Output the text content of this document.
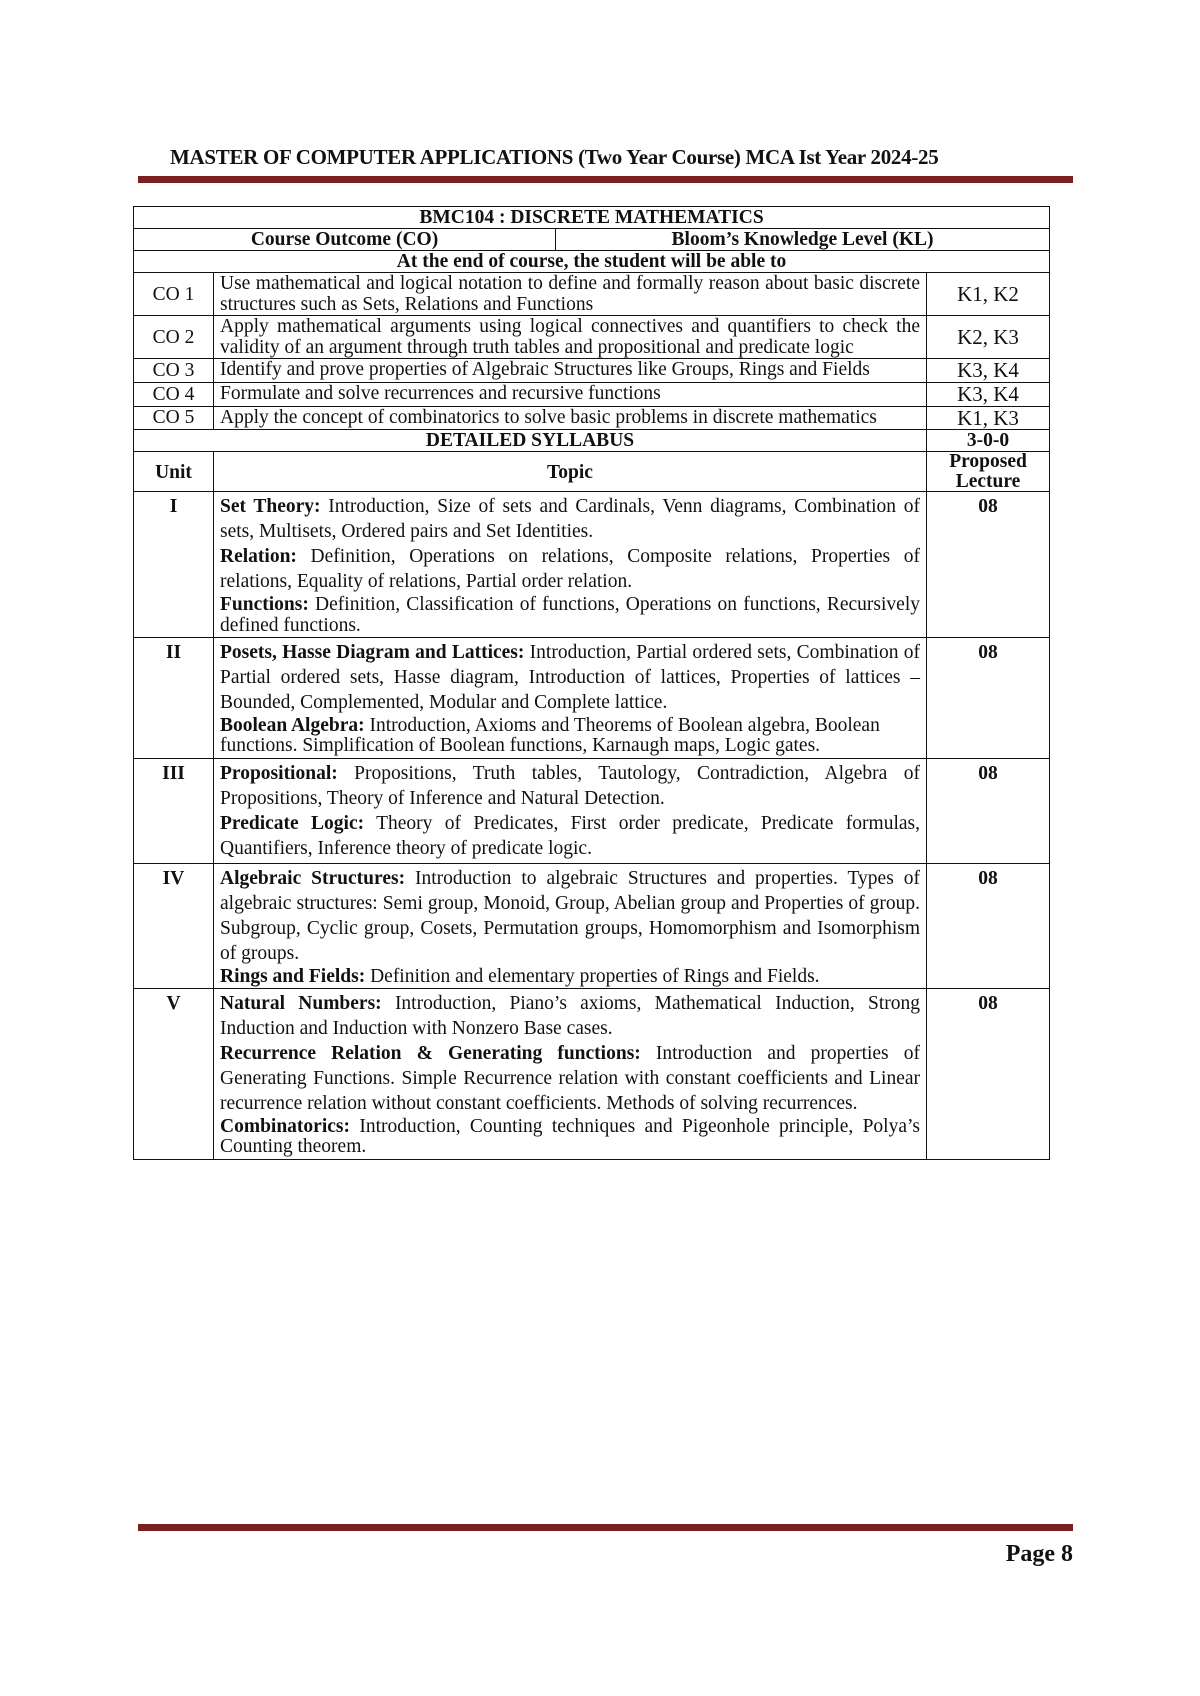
MASTER OF COMPUTER APPLICATIONS (Two Year Course) MCA Ist Year 2024-25
BMC104 : DISCRETE MATHEMATICS			
Course Outcome (CO)		Bloom’s Knowledge Level (KL)	
At the end of course, the student will be able to			
CO 1	Use mathematical and logical notation to define and formally reason about basic discrete structures such as Sets, Relations and Functions		K1, K2
CO 2	Apply mathematical arguments using logical connectives and quantifiers to check the validity of an argument through truth tables and propositional and predicate logic		K2, K3
CO 3	Identify and prove properties of Algebraic Structures like Groups, Rings and Fields		K3, K4
CO 4	Formulate and solve recurrences and recursive functions		K3, K4
CO 5	Apply the concept of combinatorics to solve basic problems in discrete mathematics		K1, K3
DETAILED SYLLABUS			3-0-0
Unit	Topic		Proposed Lecture
I	Set Theory: Introduction, Size of sets and Cardinals, Venn diagrams, Combination of sets, Multisets, Ordered pairs and Set Identities.
Relation: Definition, Operations on relations, Composite relations, Properties of relations, Equality of relations, Partial order relation.
Functions: Definition, Classification of functions, Operations on functions, Recursively defined functions.		08
II	Posets, Hasse Diagram and Lattices: Introduction, Partial ordered sets, Combination of Partial ordered sets, Hasse diagram, Introduction of lattices, Properties of lattices – Bounded, Complemented, Modular and Complete lattice.
Boolean Algebra: Introduction, Axioms and Theorems of Boolean algebra, Boolean
functions. Simplification of Boolean functions, Karnaugh maps, Logic gates.		08
III	Propositional: Propositions, Truth tables, Tautology, Contradiction, Algebra of Propositions, Theory of Inference and Natural Detection.
Predicate Logic: Theory of Predicates, First order predicate, Predicate formulas, Quantifiers, Inference theory of predicate logic.		08
IV	Algebraic Structures: Introduction to algebraic Structures and properties. Types of algebraic structures: Semi group, Monoid, Group, Abelian group and Properties of group. Subgroup, Cyclic group, Cosets, Permutation groups, Homomorphism and Isomorphism of groups.
Rings and Fields: Definition and elementary properties of Rings and Fields.		08
V	Natural Numbers: Introduction, Piano’s axioms, Mathematical Induction, Strong Induction and Induction with Nonzero Base cases.
Recurrence Relation & Generating functions: Introduction and properties of Generating Functions. Simple Recurrence relation with constant coefficients and Linear recurrence relation without constant coefficients. Methods of solving recurrences.
Combinatorics: Introduction, Counting techniques and Pigeonhole principle, Polya’s Counting theorem.		08
Page 8
